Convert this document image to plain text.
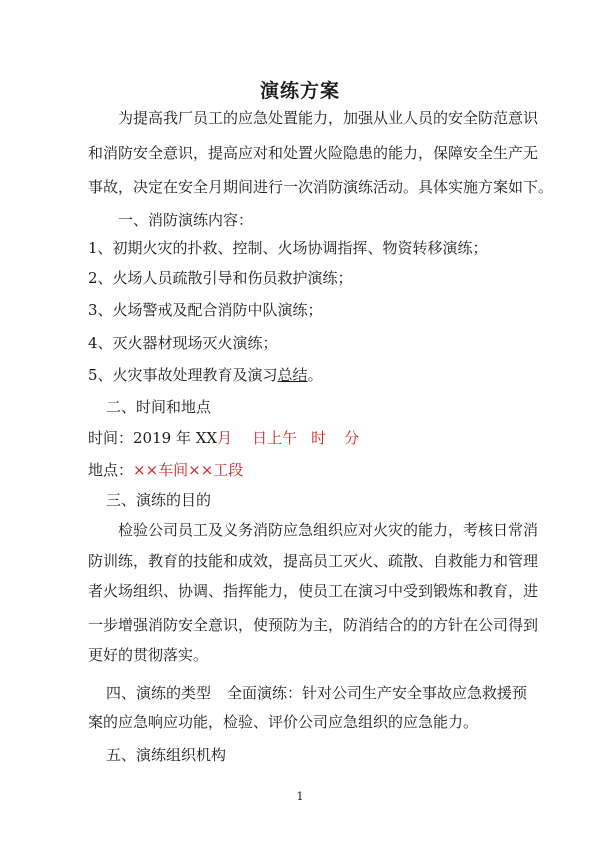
演练方案
为提高我厂员工的应急处置能力，加强从业人员的安全防范意识
和消防安全意识，提高应对和处置火险隐患的能力，保障安全生产无
事故，决定在安全月期间进行一次消防演练活动。具体实施方案如下。
一、消防演练内容：
1、初期火灾的扑救、控制、火场协调指挥、物资转移演练；
2、火场人员疏散引导和伤员救护演练；
3、火场警戒及配合消防中队演练；
4、灭火器材现场灭火演练；
5、火灾事故处理教育及演习总结。
二、时间和地点
时间：2019 年 XX月 日上午 时 分
地点：××车间××工段
三、演练的目的
检验公司员工及义务消防应急组织应对火灾的能力，考核日常消
防训练，教育的技能和成效，提高员工灭火、疏散、自救能力和管理
者火场组织、协调、指挥能力，使员工在演习中受到锻炼和教育，进
一步增强消防安全意识，使预防为主，防消结合的的方针在公司得到
更好的贯彻落实。
四、演练的类型 全面演练：针对公司生产安全事故应急救援预
案的应急响应功能，检验、评价公司应急组织的应急能力。
五、演练组织机构
1
